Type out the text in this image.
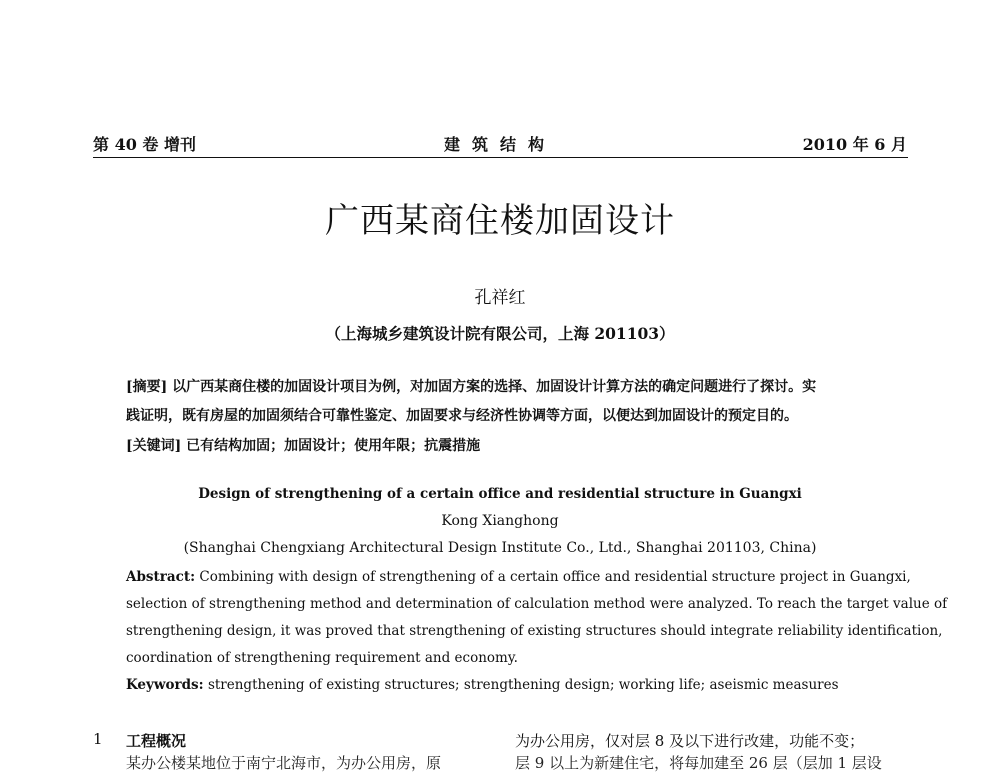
第 40 卷 增刊	建筑结构	2010 年 6 月
广西某商住楼加固设计
孔祥红
（上海城乡建筑设计院有限公司，上海 201103）
[摘要] 以广西某商住楼的加固设计项目为例，对加固方案的选择、加固设计计算方法的确定问题进行了探讨。实
践证明，既有房屋的加固须结合可靠性鉴定、加固要求与经济性协调等方面，以便达到加固设计的预定目的。
[关键词] 已有结构加固；加固设计；使用年限；抗震措施
Design of strengthening of a certain office and residential structure in Guangxi
Kong Xianghong
(Shanghai Chengxiang Architectural Design Institute Co., Ltd., Shanghai 201103, China)
Abstract: Combining with design of strengthening of a certain office and residential structure project in Guangxi,
selection of strengthening method and determination of calculation method were analyzed. To reach the target value of
strengthening design, it was proved that strengthening of existing structures should integrate reliability identification,
coordination of strengthening requirement and economy.
Keywords: strengthening of existing structures; strengthening design; working life; aseismic measures
1 工程概况	为办公用房，仅对层 8 及以下进行改建，功能不变；
某办公楼某地位于南宁北海市，为办公用房，原	层 9 以上为新建住宅，将每加建至 26 层（层加 1 层设
